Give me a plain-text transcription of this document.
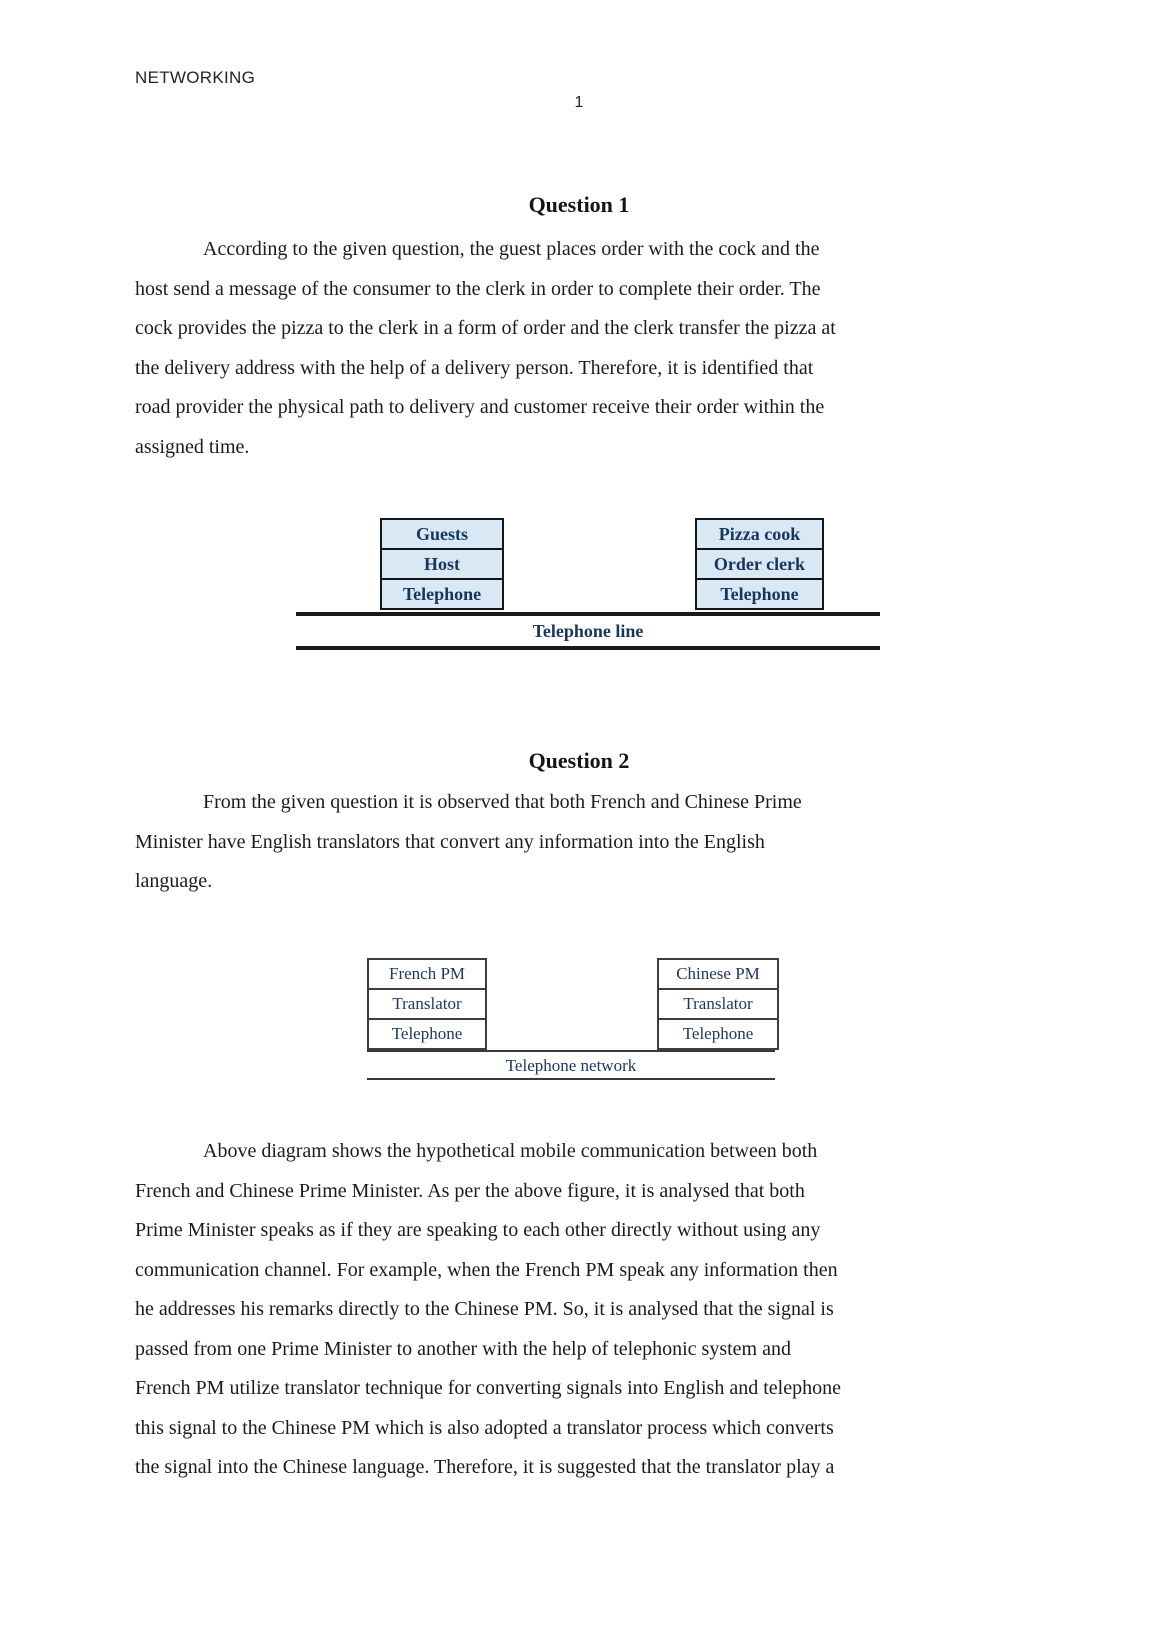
NETWORKING
1
Question 1
According to the given question, the guest places order with the cock and the
host send a message of the consumer to the clerk in order to complete their order. The
cock provides the pizza to the clerk in a form of order and the clerk transfer the pizza at
the delivery address with the help of a delivery person. Therefore, it is identified that
road provider the physical path to delivery and customer receive their order within the
assigned time.
Guests
Host
Telephone
Pizza cook
Order clerk
Telephone
Telephone line
Question 2
From the given question it is observed that both French and Chinese Prime
Minister have English translators that convert any information into the English
language.
French PM
Translator
Telephone
Chinese PM
Translator
Telephone
Telephone network
Above diagram shows the hypothetical mobile communication between both
French and Chinese Prime Minister. As per the above figure, it is analysed that both
Prime Minister speaks as if they are speaking to each other directly without using any
communication channel. For example, when the French PM speak any information then
he addresses his remarks directly to the Chinese PM. So, it is analysed that the signal is
passed from one Prime Minister to another with the help of telephonic system and
French PM utilize translator technique for converting signals into English and telephone
this signal to the Chinese PM which is also adopted a translator process which converts
the signal into the Chinese language. Therefore, it is suggested that the translator play a
